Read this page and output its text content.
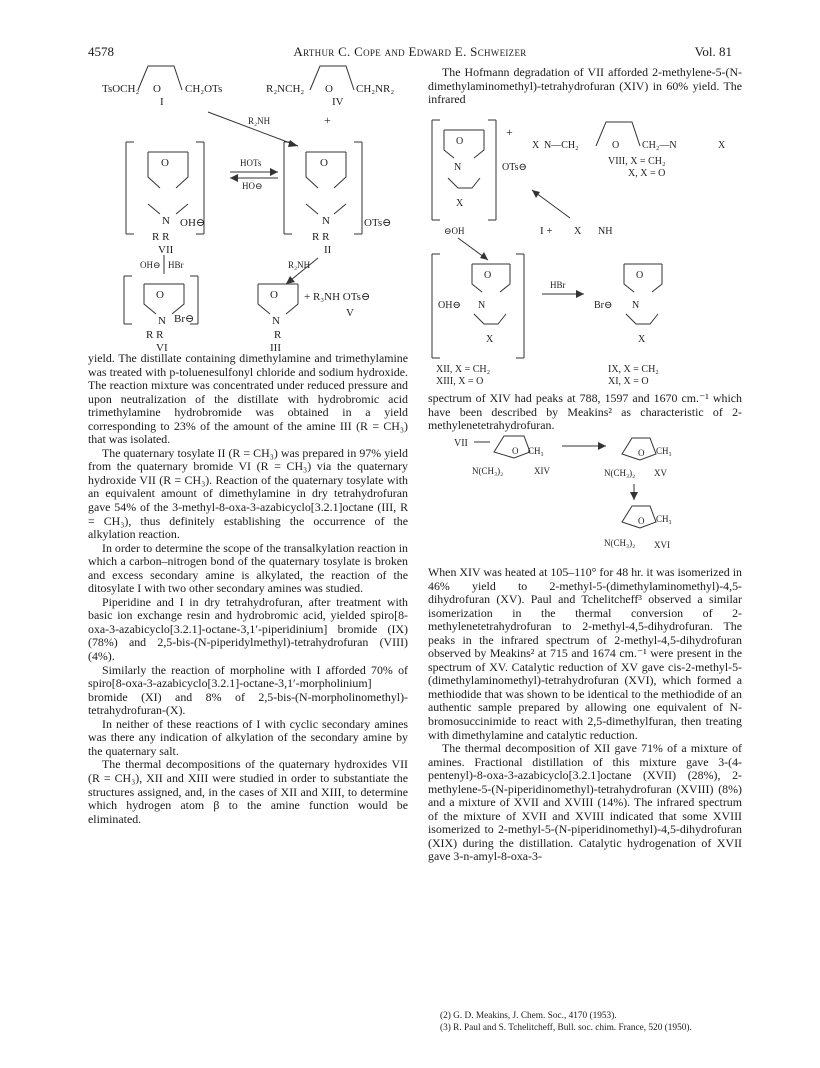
4578	Arthur C. Cope and Edward E. Schweizer	Vol. 81
TsOCH₂ O CH₂OTs
I
R₂NCH₂ O CH₂NR₂
IV
R₂NH	+
O
N OH⊖
R R
VII
HOTs
HO⊖
O
N	OTs⊖
R R
II
OH⊖ HBr	R₂NH
O
N Br⊖
R R
VI
O
N
R
III
+ R₃NH OTs⊖
V

yield. The distillate containing dimethylamine and trimethylamine was treated with p-toluenesulfonyl chloride and sodium hydroxide. The reaction mixture was concentrated under reduced pressure and upon neutralization of the distillate with hydrobromic acid trimethylamine hydrobromide was obtained in a yield corresponding to 23% of the amount of the amine III (R = CH₃) that was isolated.

The quaternary tosylate II (R = CH₃) was prepared in 97% yield from the quaternary bromide VI (R = CH₃) via the quaternary hydroxide VII (R = CH₃). Reaction of the quaternary tosylate with an equivalent amount of dimethylamine in dry tetrahydrofuran gave 54% of the 3-methyl-8-oxa-3-azabicyclo[3.2.1]octane (III, R = CH₃), thus definitely establishing the occurrence of the alkylation reaction.

In order to determine the scope of the transalkylation reaction in which a carbon–nitrogen bond of the quaternary tosylate is broken and excess secondary amine is alkylated, the reaction of the ditosylate I with two other secondary amines was studied.

Piperidine and I in dry tetrahydrofuran, after treatment with basic ion exchange resin and hydrobromic acid, yielded spiro[8-oxa-3-azabicyclo[3.2.1]-octane-3,1′-piperidinium] bromide (IX) (78%) and 2,5-bis-(N-piperidylmethyl)-tetrahydrofuran (VIII) (4%).

Similarly the reaction of morpholine with I afforded 70% of spiro[8-oxa-3-azabicyclo[3.2.1]-octane-3,1′-morpholinium] bromide (XI) and 8% of 2,5-bis-(N-morpholinomethyl)-tetrahydrofuran-(X).

In neither of these reactions of I with cyclic secondary amines was there any indication of alkylation of the secondary amine by the quaternary salt.

The thermal decompositions of the quaternary hydroxides VII (R = CH₃), XII and XIII were studied in order to substantiate the structures assigned, and, in the cases of XII and XIII, to determine which hydrogen atom β to the amine function would be eliminated.

The Hofmann degradation of VII afforded 2-methylene-5-(N-dimethylaminomethyl)-tetrahydrofuran (XIV) in 60% yield. The infrared

O
N
X
OTs⊖
+
X N—CH₂	O CH₂—N	X
VIII, X = CH₂
X, X = O
I + X NH
⊖OH
O
OH⊖ N
X
XII, X = CH₂
XIII, X = O
HBr
O
Br⊖ N
X
IX, X = CH₂
XI, X = O

spectrum of XIV had peaks at 788, 1597 and 1670 cm.⁻¹ which have been described by Meakins² as characteristic of 2-methylenetetrahydrofuran.

VII
CH₃
O
N(CH₃)₂	XIV
O CH₃
N(CH₃)₂ XV
O CH₃
N(CH₃)₂ XVI

When XIV was heated at 105–110° for 48 hr. it was isomerized in 46% yield to 2-methyl-5-(dimethylaminomethyl)-4,5-dihydrofuran (XV). Paul and Tchelitcheff³ observed a similar isomerization in the thermal conversion of 2-methylenetetrahydrofuran to 2-methyl-4,5-dihydrofuran. The peaks in the infrared spectrum of 2-methyl-4,5-dihydrofuran observed by Meakins² at 715 and 1674 cm.⁻¹ were present in the spectrum of XV. Catalytic reduction of XV gave cis-2-methyl-5-(dimethylaminomethyl)-tetrahydrofuran (XVI), which formed a methiodide that was shown to be identical to the methiodide of an authentic sample prepared by allowing one equivalent of N-bromosuccinimide to react with 2,5-dimethylfuran, then treating with dimethylamine and catalytic reduction.

The thermal decomposition of XII gave 71% of a mixture of amines. Fractional distillation of this mixture gave 3-(4-pentenyl)-8-oxa-3-azabicyclo[3.2.1]octane (XVII) (28%), 2-methylene-5-(N-piperidinomethyl)-tetrahydrofuran (XVIII) (8%) and a mixture of XVII and XVIII (14%). The infrared spectrum of the mixture of XVII and XVIII indicated that some XVIII isomerized to 2-methyl-5-(N-piperidinomethyl)-4,5-dihydrofuran (XIX) during the distillation. Catalytic hydrogenation of XVII gave 3-n-amyl-8-oxa-3-

(2) G. D. Meakins, J. Chem. Soc., 4170 (1953).

(3) R. Paul and S. Tchelitcheff, Bull. soc. chim. France, 520 (1950).
